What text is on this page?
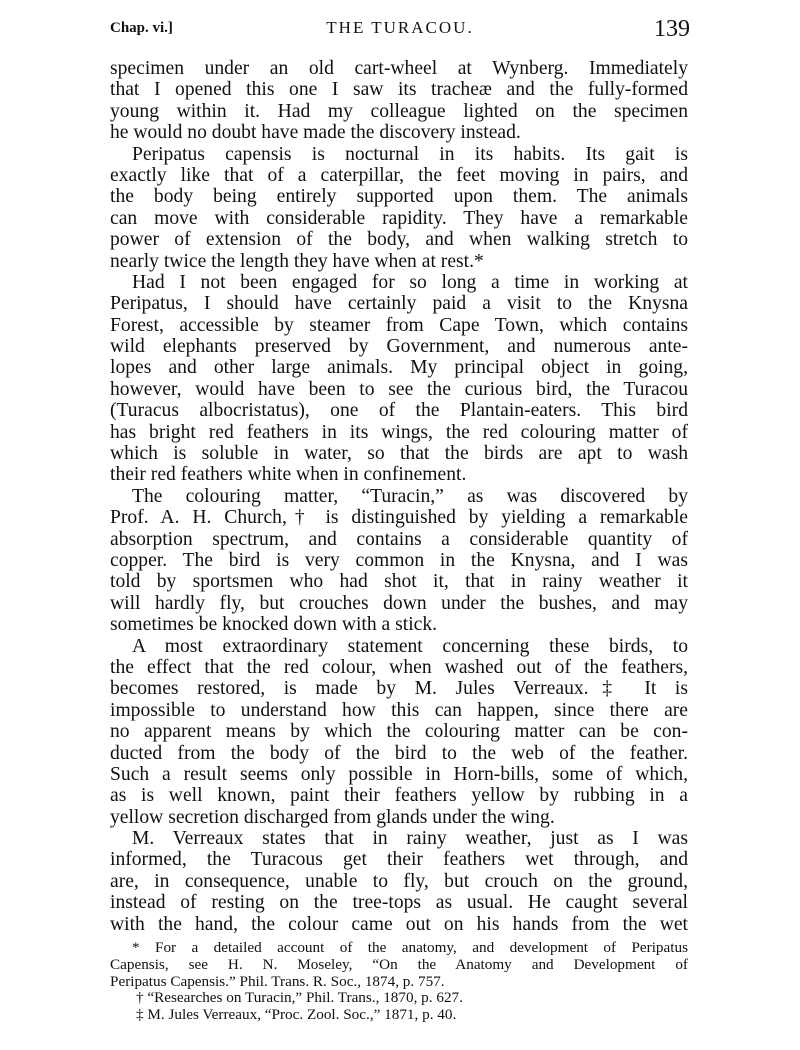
Chap. vi.]	THE TURACOU.	139
specimen under an old cart-wheel at Wynberg. Immediately
that I opened this one I saw its tracheæ and the fully-formed
young within it. Had my colleague lighted on the specimen
he would no doubt have made the discovery instead.
Peripatus capensis is nocturnal in its habits. Its gait is
exactly like that of a caterpillar, the feet moving in pairs, and
the body being entirely supported upon them. The animals
can move with considerable rapidity. They have a remarkable
power of extension of the body, and when walking stretch to
nearly twice the length they have when at rest.*
Had I not been engaged for so long a time in working at
Peripatus, I should have certainly paid a visit to the Knysna
Forest, accessible by steamer from Cape Town, which contains
wild elephants preserved by Government, and numerous ante-
lopes and other large animals. My principal object in going,
however, would have been to see the curious bird, the Turacou
(Turacus albocristatus), one of the Plantain-eaters. This bird
has bright red feathers in its wings, the red colouring matter of
which is soluble in water, so that the birds are apt to wash
their red feathers white when in confinement.
The colouring matter, “Turacin,” as was discovered by
Prof. A. H. Church,† is distinguished by yielding a remarkable
absorption spectrum, and contains a considerable quantity of
copper. The bird is very common in the Knysna, and I was
told by sportsmen who had shot it, that in rainy weather it
will hardly fly, but crouches down under the bushes, and may
sometimes be knocked down with a stick.
A most extraordinary statement concerning these birds, to
the effect that the red colour, when washed out of the feathers,
becomes restored, is made by M. Jules Verreaux.‡ It is
impossible to understand how this can happen, since there are
no apparent means by which the colouring matter can be con-
ducted from the body of the bird to the web of the feather.
Such a result seems only possible in Horn-bills, some of which,
as is well known, paint their feathers yellow by rubbing in a
yellow secretion discharged from glands under the wing.
M. Verreaux states that in rainy weather, just as I was
informed, the Turacous get their feathers wet through, and
are, in consequence, unable to fly, but crouch on the ground,
instead of resting on the tree-tops as usual. He caught several
with the hand, the colour came out on his hands from the wet
* For a detailed account of the anatomy, and development of Peripatus
Capensis, see H. N. Moseley, “On the Anatomy and Development of
Peripatus Capensis.” Phil. Trans. R. Soc., 1874, p. 757.
† “Researches on Turacin,” Phil. Trans., 1870, p. 627.
‡ M. Jules Verreaux, “Proc. Zool. Soc.,” 1871, p. 40.
